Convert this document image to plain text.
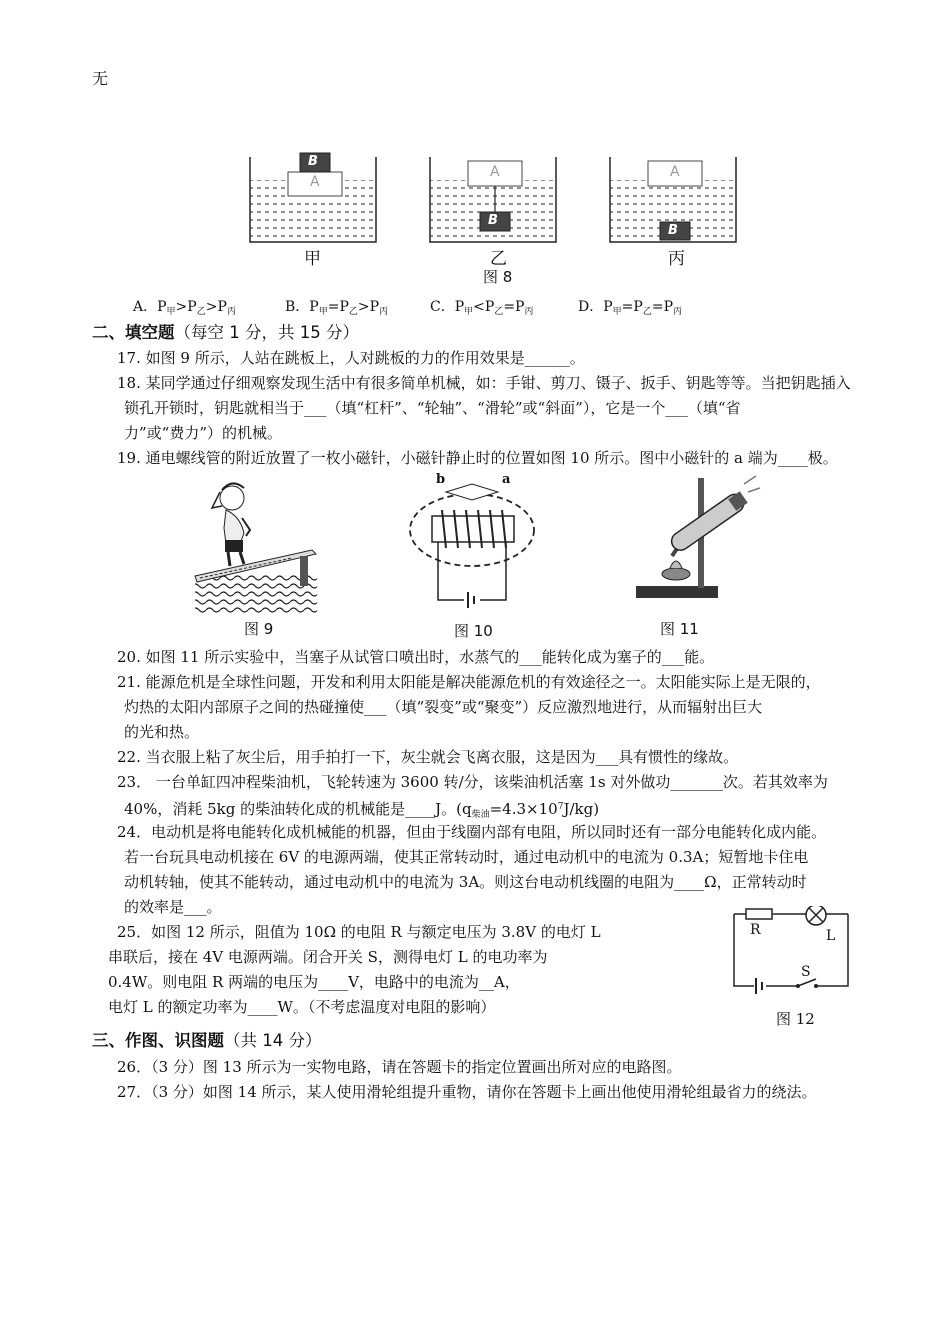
无
A
B
A
B
A
B
甲	乙	丙
图 8
A．$P_甲>P_乙>P_丙$	B．$P_甲=P_乙>P_丙$	C．$P_甲<P_乙=P_丙$	D．$P_甲=P_乙=P_丙$
二、填空题（每空 1 分，共 15 分）
17. 如图 9 所示，人站在跳板上，人对跳板的力的作用效果是______。
18. 某同学通过仔细观察发现生活中有很多简单机械，如：手钳、剪刀、镊子、扳手、钥匙等等。当把钥匙插入
锁孔开锁时，钥匙就相当于___（填“杠杆”、“轮轴”、“滑轮”或“斜面”），它是一个___（填“省
力”或“费力”）的机械。
19. 通电螺线管的附近放置了一枚小磁针，小磁针静止时的位置如图 10 所示。图中小磁针的 a 端为____极。
图 9
b	a
图 10	图 11
20. 如图 11 所示实验中，当塞子从试管口喷出时，水蒸气的___能转化成为塞子的___能。
21. 能源危机是全球性问题，开发和利用太阳能是解决能源危机的有效途径之一。太阳能实际上是无限的，
灼热的太阳内部原子之间的热碰撞使___（填“裂变”或“聚变”）反应激烈地进行，从而辐射出巨大
的光和热。
22. 当衣服上粘了灰尘后，用手拍打一下，灰尘就会飞离衣服，这是因为___具有惯性的缘故。
23． 一台单缸四冲程柴油机，飞轮转速为 3600 转/分，该柴油机活塞 1s 对外做功_______次。若其效率为
40%，消耗 5kg 的柴油转化成的机械能是____J。$(q_{柴油}=4.3\times 10^7J/kg)$
24．电动机是将电能转化成机械能的机器，但由于线圈内部有电阻，所以同时还有一部分电能转化成内能。
若一台玩具电动机接在 6V 的电源两端，使其正常转动时，通过电动机中的电流为 0.3A；短暂地卡住电
动机转轴，使其不能转动，通过电动机中的电流为 3A。则这台电动机线圈的电阻为____Ω，正常转动时
的效率是___。
25．如图 12 所示，阻值为 10Ω 的电阻 R 与额定电压为 3.8V 的电灯 L
串联后，接在 4V 电源两端。闭合开关 S，测得电灯 L 的电功率为
0.4W。则电阻 R 两端的电压为____V，电路中的电流为__A，
电灯 L 的额定功率为____W。（不考虑温度对电阻的影响）
R	L
S
图 12
三、作图、识图题（共 14 分）
26．（3 分）图 13 所示为一实物电路，请在答题卡的指定位置画出所对应的电路图。
27．（3 分）如图 14 所示，某人使用滑轮组提升重物，请你在答题卡上画出他使用滑轮组最省力的绕法。
